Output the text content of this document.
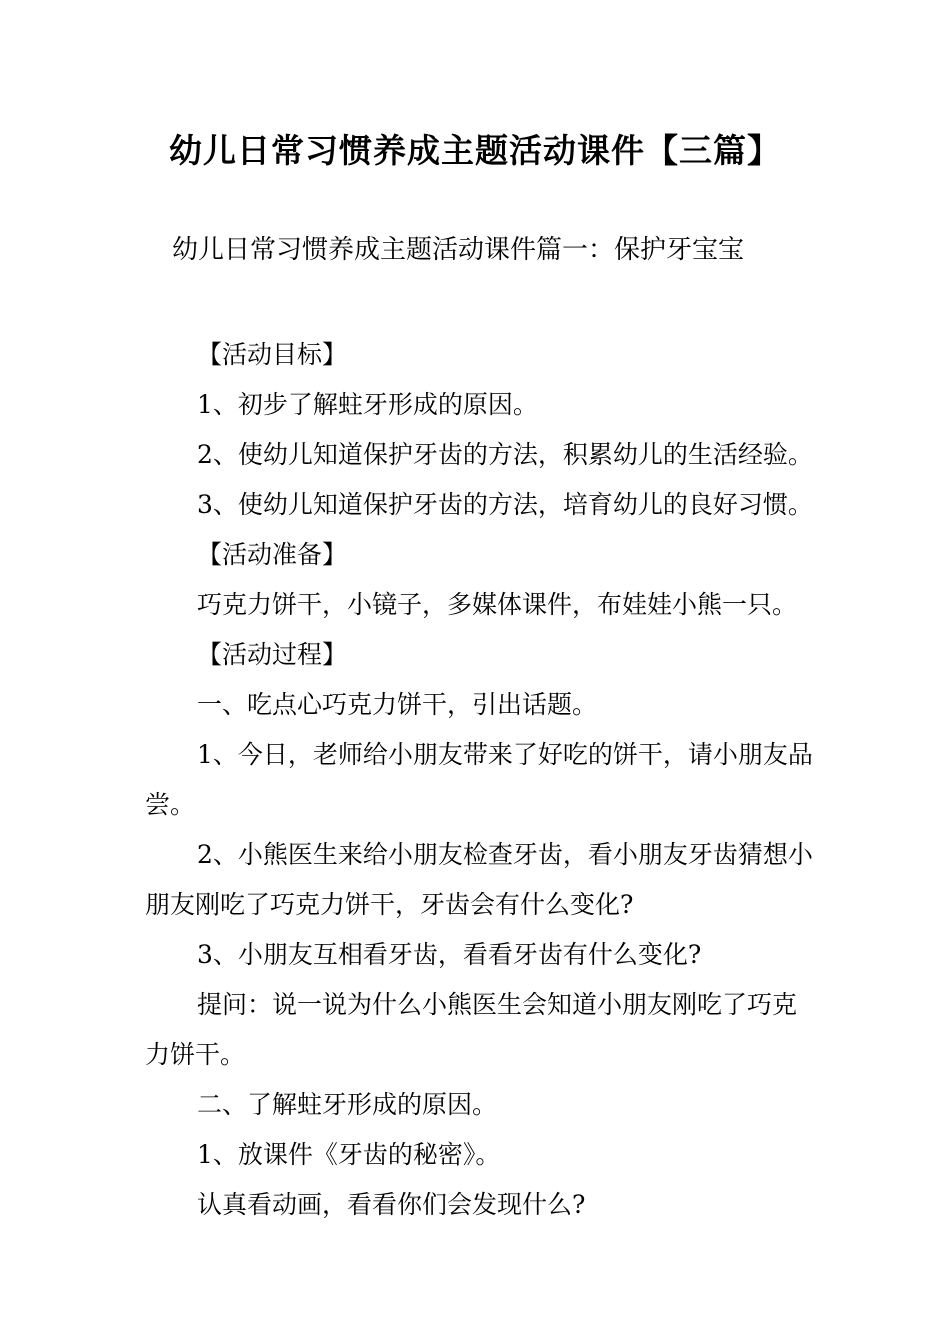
幼儿日常习惯养成主题活动课件【三篇】
幼儿日常习惯养成主题活动课件篇一：保护牙宝宝

【活动目标】

1、初步了解蛀牙形成的原因。

2、使幼儿知道保护牙齿的方法，积累幼儿的生活经验。

3、使幼儿知道保护牙齿的方法，培育幼儿的良好习惯。

【活动准备】

巧克力饼干，小镜子，多媒体课件，布娃娃小熊一只。

【活动过程】

一、吃点心巧克力饼干，引出话题。

1、今日，老师给小朋友带来了好吃的饼干，请小朋友品尝。

2、小熊医生来给小朋友检查牙齿，看小朋友牙齿猜想小朋友刚吃了巧克力饼干，牙齿会有什么变化?

3、小朋友互相看牙齿，看看牙齿有什么变化?

提问：说一说为什么小熊医生会知道小朋友刚吃了巧克力饼干。

二、了解蛀牙形成的原因。

1、放课件《牙齿的秘密》。

认真看动画，看看你们会发现什么?
